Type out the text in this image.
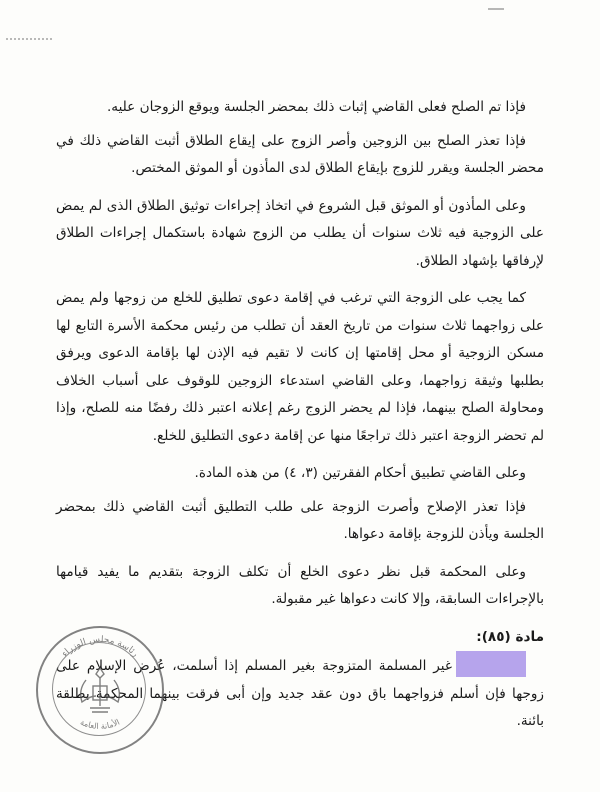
فإذا تم الصلح فعلى القاضي إثبات ذلك بمحضر الجلسة ويوقع الزوجان عليه.

فإذا تعذر الصلح بين الزوجين وأصر الزوج على إيقاع الطلاق أثبت القاضي ذلك في محضر الجلسة ويقرر للزوج بإيقاع الطلاق لدى المأذون أو الموثق المختص.

وعلى المأذون أو الموثق قبل الشروع في اتخاذ إجراءات توثيق الطلاق الذى لم يمض على الزوجية فيه ثلاث سنوات أن يطلب من الزوج شهادة باستكمال إجراءات الطلاق لإرفاقها بإشهاد الطلاق.

كما يجب على الزوجة التي ترغب في إقامة دعوى تطليق للخلع من زوجها ولم يمض على زواجهما ثلاث سنوات من تاريخ العقد أن تطلب من رئيس محكمة الأسرة التابع لها مسكن الزوجية أو محل إقامتها إن كانت لا تقيم فيه الإذن لها بإقامة الدعوى ويرفق بطلبها وثيقة زواجهما، وعلى القاضي استدعاء الزوجين للوقوف على أسباب الخلاف ومحاولة الصلح بينهما، فإذا لم يحضر الزوج رغم إعلانه اعتبر ذلك رفضًا منه للصلح، وإذا لم تحضر الزوجة اعتبر ذلك تراجعًا منها عن إقامة دعوى التطليق للخلع.

وعلى القاضي تطبيق أحكام الفقرتين (٣، ٤) من هذه المادة.

فإذا تعذر الإصلاح وأصرت الزوجة على طلب التطليق أثبت القاضي ذلك بمحضر الجلسة ويأذن للزوجة بإقامة دعواها.

وعلى المحكمة قبل نظر دعوى الخلع أن تكلف الزوجة بتقديم ما يفيد قيامها بالإجراءات السابقة، وإلا كانت دعواها غير مقبولة.

مادة (٨٥):

غير المسلمة المتزوجة بغير المسلم إذا أسلمت، عُرض الإسلام على زوجها فإن أسلم فزواجهما باق دون عقد جديد وإن أبى فرقت بينهما المحكمة بطلقة بائنة.

رئاسة مجلس الوزراء
الأمانة العامة
